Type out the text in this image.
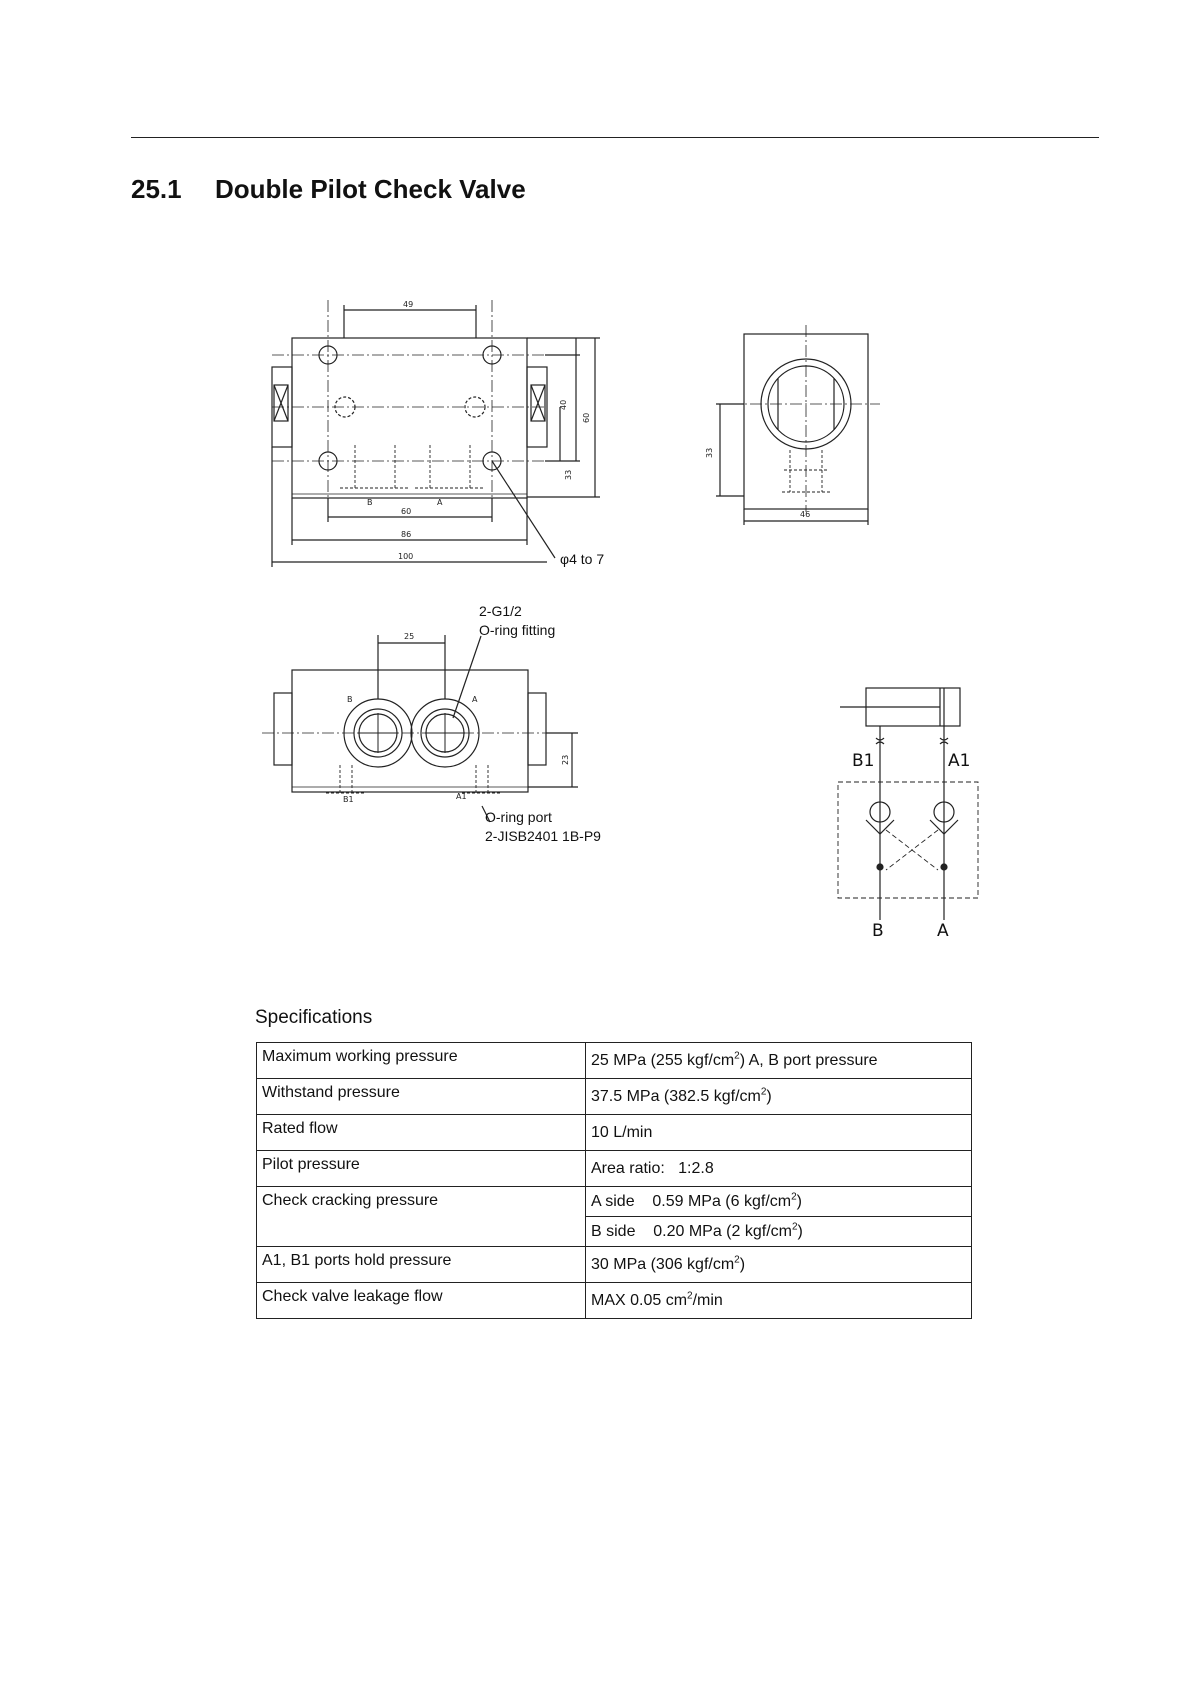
25.1 Double Pilot Check Valve
49
40
60
33
60
86
100
B	A
φ4 to 7
33
46
25
23
2-G1/2
O-ring fitting
B	A
B1	A1
O-ring port
2-JISB2401 1B-P9
B1	A1
B	A
Specifications
Maximum working pressure	25 MPa (255 kgf/$cm^2$) A, B port pressure
Withstand pressure	37.5 MPa (382.5 kgf/$cm^2$)
Rated flow	10 L/min
Pilot pressure	Area ratio:   1:2.8
Check cracking pressure	A side    0.59 MPa (6 kgf/$cm^2$)
	B side    0.20 MPa (2 kgf/$cm^2$)
A1, B1 ports hold pressure	30 MPa (306 kgf/$cm^2$)
Check valve leakage flow	MAX 0.05 $cm^2/\min$
